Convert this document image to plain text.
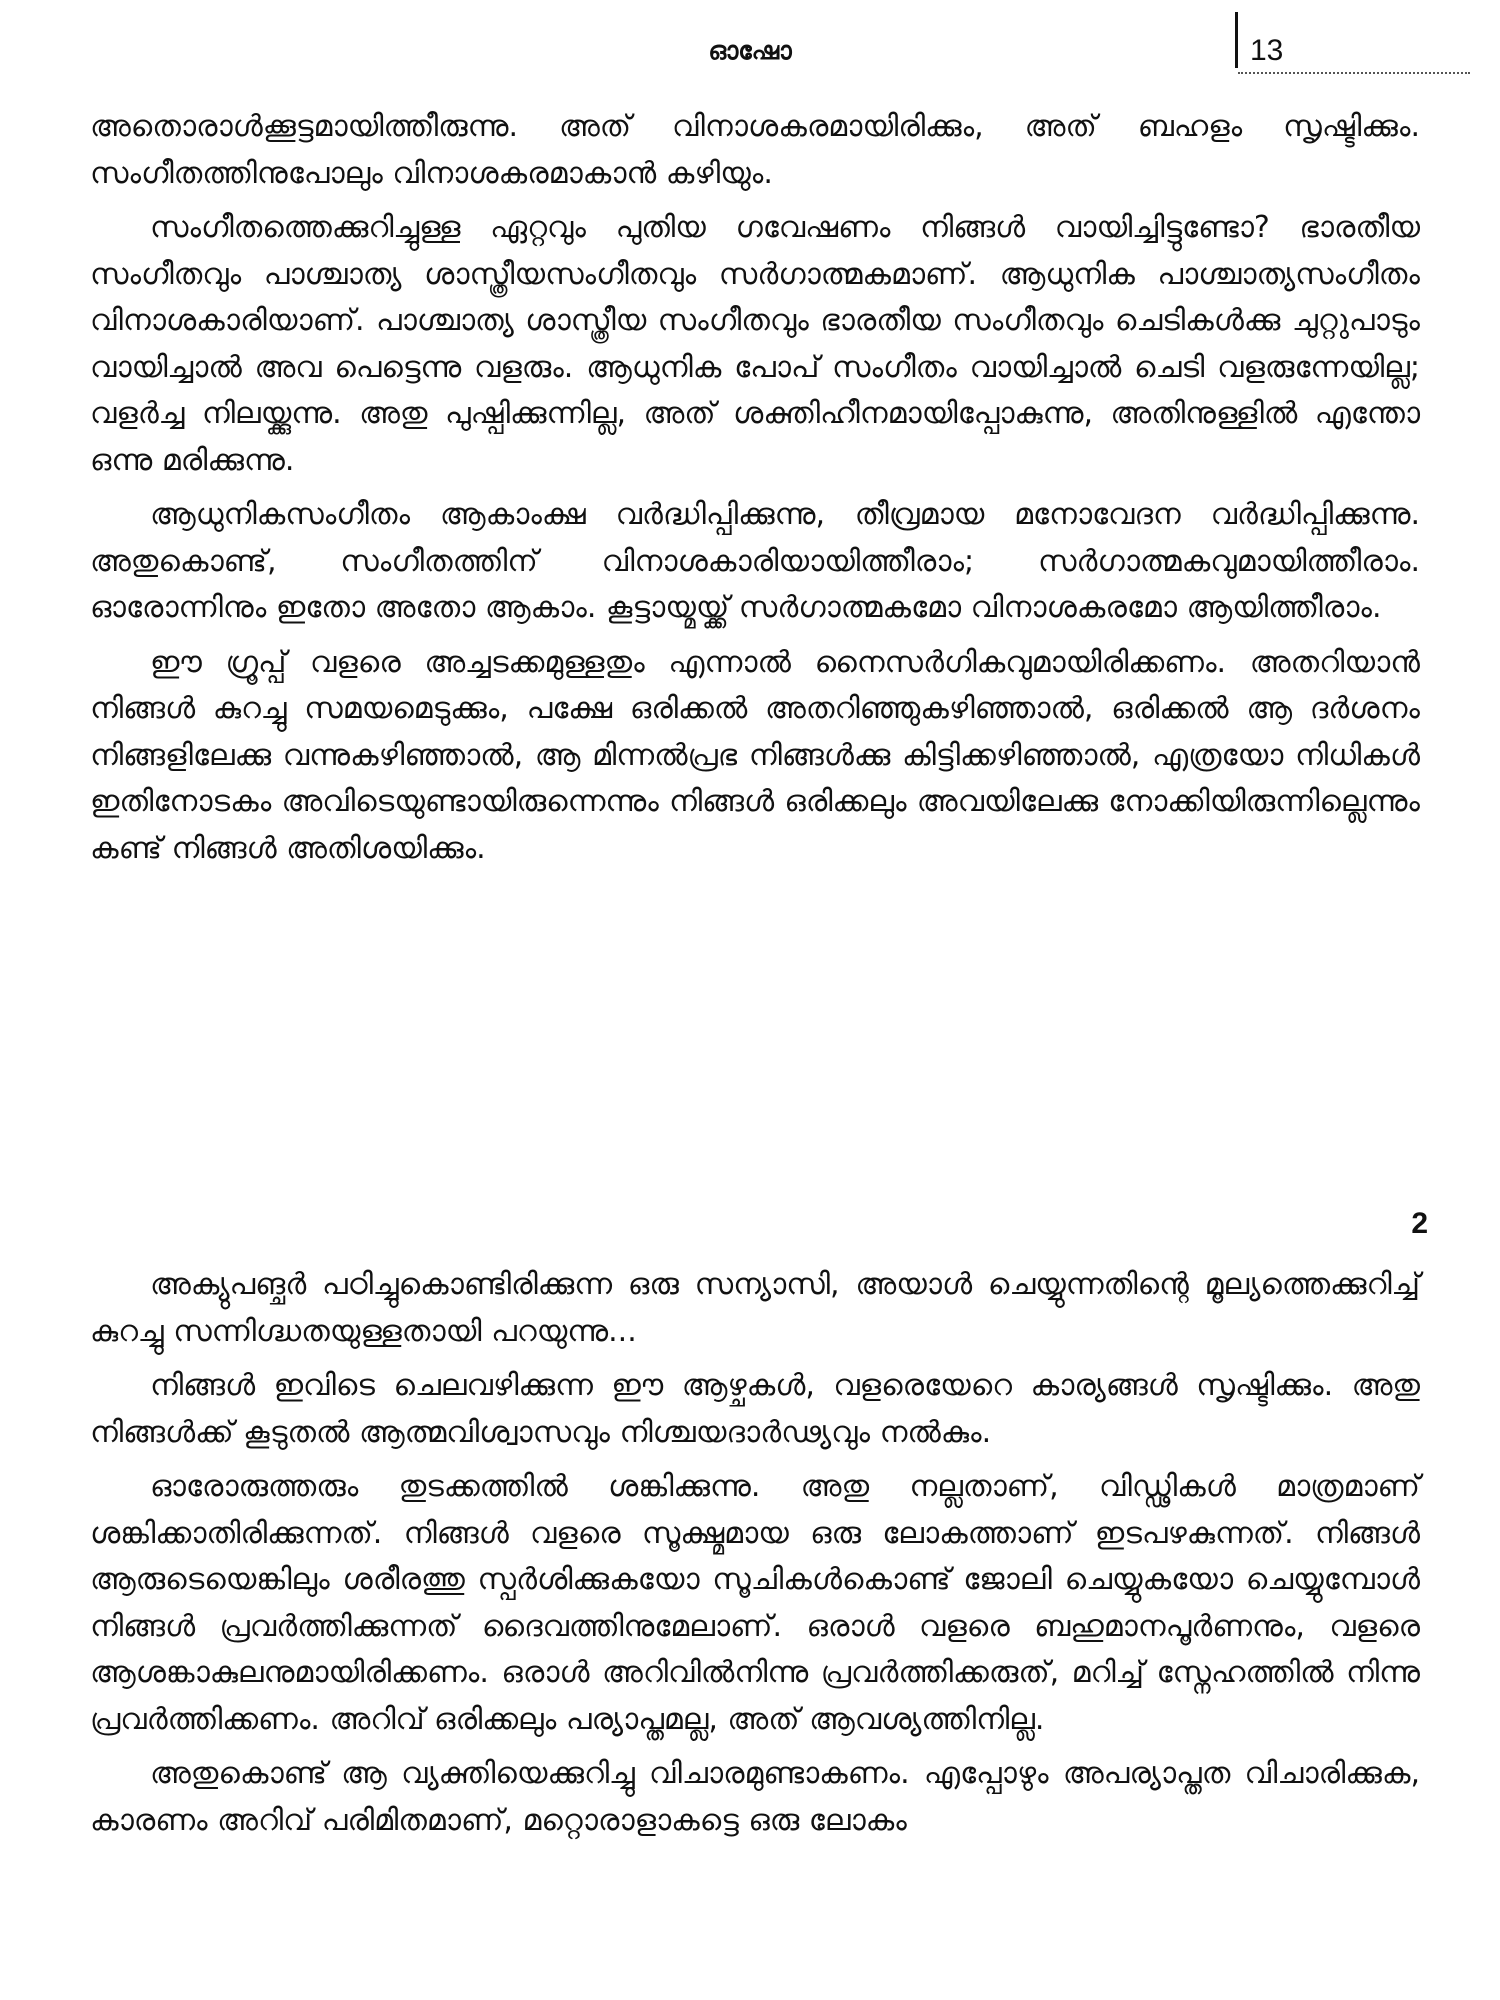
ഓഷോ	13

അതൊരാൾക്കൂട്ടമായിത്തീരുന്നു. അത് വിനാശകരമായിരിക്കും, അത് ബഹളം സൃഷ്ടിക്കും. സംഗീതത്തിനുപോലും വിനാശകരമാകാൻ കഴിയും.

സംഗീതത്തെക്കുറിച്ചുള്ള ഏറ്റവും പുതിയ ഗവേഷണം നിങ്ങൾ വായിച്ചിട്ടുണ്ടോ? ഭാരതീയ സംഗീതവും പാശ്ചാത്യ ശാസ്ത്രീയസംഗീതവും സർഗാത്മകമാണ്. ആധുനിക പാശ്ചാത്യസംഗീതം വിനാശകാരിയാണ്. പാശ്ചാത്യ ശാസ്ത്രീയ സംഗീതവും ഭാരതീയ സംഗീതവും ചെടികൾക്കു ചുറ്റുപാടും വായിച്ചാൽ അവ പെട്ടെന്നു വളരും. ആധുനിക പോപ് സംഗീതം വായിച്ചാൽ ചെടി വളരുന്നേയില്ല; വളർച്ച നിലയ്ക്കുന്നു. അതു പുഷ്പിക്കുന്നില്ല, അത് ശക്തിഹീനമായിപ്പോകുന്നു, അതിനുള്ളിൽ എന്തോ ഒന്നു മരിക്കുന്നു.

ആധുനികസംഗീതം ആകാംക്ഷ വർദ്ധിപ്പിക്കുന്നു, തീവ്രമായ മനോവേദന വർദ്ധിപ്പിക്കുന്നു. അതുകൊണ്ട്, സംഗീതത്തിന് വിനാശകാരിയായിത്തീരാം; സർഗാത്മകവുമായിത്തീരാം. ഓരോന്നിനും ഇതോ അതോ ആകാം. കൂട്ടായ്മയ്ക്ക് സർഗാത്മകമോ വിനാശകരമോ ആയിത്തീരാം.

ഈ ഗ്രൂപ്പ് വളരെ അച്ചടക്കമുള്ളതും എന്നാൽ നൈസർഗികവുമായിരിക്കണം. അതറിയാൻ നിങ്ങൾ കുറച്ചു സമയമെടുക്കും, പക്ഷേ ഒരിക്കൽ അതറിഞ്ഞുകഴിഞ്ഞാൽ, ഒരിക്കൽ ആ ദർശനം നിങ്ങളിലേക്കു വന്നുകഴിഞ്ഞാൽ, ആ മിന്നൽപ്രഭ നിങ്ങൾക്കു കിട്ടിക്കഴിഞ്ഞാൽ, എത്രയോ നിധികൾ ഇതിനോടകം അവിടെയുണ്ടായിരുന്നെന്നും നിങ്ങൾ ഒരിക്കലും അവയിലേക്കു നോക്കിയിരുന്നില്ലെന്നും കണ്ട് നിങ്ങൾ അതിശയിക്കും.

2

അക്യുപങ്ചർ പഠിച്ചുകൊണ്ടിരിക്കുന്ന ഒരു സന്യാസി, അയാൾ ചെയ്യുന്നതിന്റെ മൂല്യത്തെക്കുറിച്ച് കുറച്ചു സന്നിഗ്ദ്ധതയുള്ളതായി പറയുന്നു...

നിങ്ങൾ ഇവിടെ ചെലവഴിക്കുന്ന ഈ ആഴ്ചകൾ, വളരെയേറെ കാര്യങ്ങൾ സൃഷ്ടിക്കും. അതു നിങ്ങൾക്ക് കൂടുതൽ ആത്മവിശ്വാസവും നിശ്ചയദാർഢ്യവും നൽകും.

ഓരോരുത്തരും തുടക്കത്തിൽ ശങ്കിക്കുന്നു. അതു നല്ലതാണ്, വിഡ്ഢികൾ മാത്രമാണ് ശങ്കിക്കാതിരിക്കുന്നത്. നിങ്ങൾ വളരെ സൂക്ഷ്മമായ ഒരു ലോകത്താണ് ഇടപഴകുന്നത്. നിങ്ങൾ ആരുടെയെങ്കിലും ശരീരത്തു സ്പർശിക്കുകയോ സൂചികൾകൊണ്ട് ജോലി ചെയ്യുകയോ ചെയ്യുമ്പോൾ നിങ്ങൾ പ്രവർത്തിക്കുന്നത് ദൈവത്തിനുമേലാണ്. ഒരാൾ വളരെ ബഹുമാനപൂർണനും, വളരെ ആശങ്കാകുലനുമായിരിക്കണം. ഒരാൾ അറിവിൽനിന്നു പ്രവർത്തിക്കരുത്, മറിച്ച് സ്നേഹത്തിൽ നിന്നു പ്രവർത്തിക്കണം. അറിവ് ഒരിക്കലും പര്യാപ്തമല്ല, അത് ആവശ്യത്തിനില്ല.

അതുകൊണ്ട് ആ വ്യക്തിയെക്കുറിച്ചു വിചാരമുണ്ടാകണം. എപ്പോഴും അപര്യാപ്തത വിചാരിക്കുക, കാരണം അറിവ് പരിമിതമാണ്, മറ്റൊരാളാകട്ടെ ഒരു ലോകം
